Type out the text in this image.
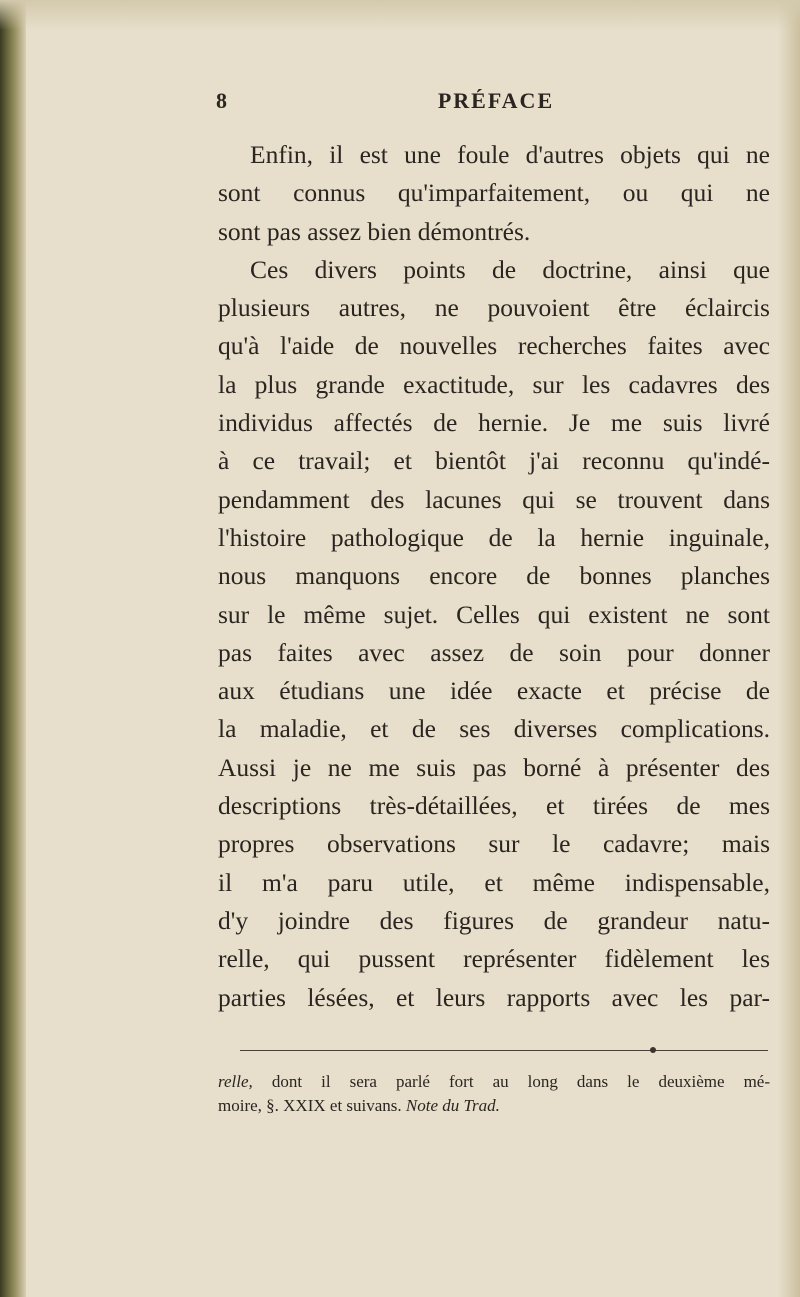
8	PRÉFACE
Enfin, il est une foule d'autres objets qui ne
sont connus qu'imparfaitement, ou qui ne
sont pas assez bien démontrés.
Ces divers points de doctrine, ainsi que
plusieurs autres, ne pouvoient être éclaircis
qu'à l'aide de nouvelles recherches faites avec
la plus grande exactitude, sur les cadavres des
individus affectés de hernie. Je me suis livré
à ce travail; et bientôt j'ai reconnu qu'indé-
pendamment des lacunes qui se trouvent dans
l'histoire pathologique de la hernie inguinale,
nous manquons encore de bonnes planches
sur le même sujet. Celles qui existent ne sont
pas faites avec assez de soin pour donner
aux étudians une idée exacte et précise de
la maladie, et de ses diverses complications.
Aussi je ne me suis pas borné à présenter des
descriptions très-détaillées, et tirées de mes
propres observations sur le cadavre; mais
il m'a paru utile, et même indispensable,
d'y joindre des figures de grandeur natu-
relle, qui pussent représenter fidèlement les
parties lésées, et leurs rapports avec les par-
relle, dont il sera parlé fort au long dans le deuxième mé-
moire, §. XXIX et suivans. Note du Trad.
